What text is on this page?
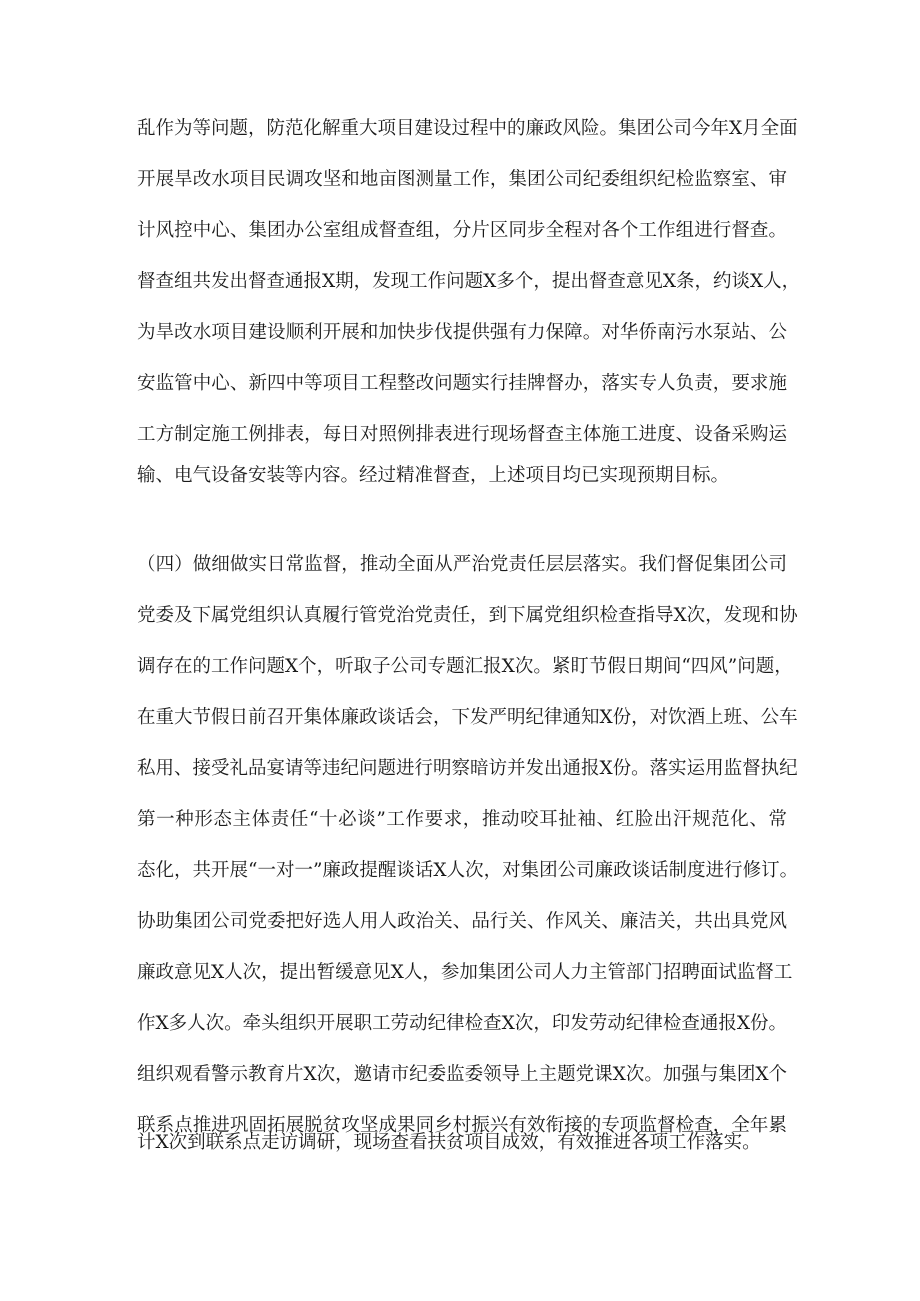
乱作为等问题，防范化解重大项目建设过程中的廉政风险。集团公司今年X月全面
开展旱改水项目民调攻坚和地亩图测量工作，集团公司纪委组织纪检监察室、审
计风控中心、集团办公室组成督查组，分片区同步全程对各个工作组进行督查。
督查组共发出督查通报X期，发现工作问题X多个，提出督查意见X条，约谈X人，
为旱改水项目建设顺利开展和加快步伐提供强有力保障。对华侨南污水泵站、公
安监管中心、新四中等项目工程整改问题实行挂牌督办，落实专人负责，要求施
工方制定施工例排表，每日对照例排表进行现场督查主体施工进度、设备采购运
输、电气设备安装等内容。经过精准督查，上述项目均已实现预期目标。
（四）做细做实日常监督，推动全面从严治党责任层层落实。我们督促集团公司
党委及下属党组织认真履行管党治党责任，到下属党组织检查指导X次，发现和协
调存在的工作问题X个，听取子公司专题汇报X次。紧盯节假日期间“四风”问题，
在重大节假日前召开集体廉政谈话会，下发严明纪律通知X份，对饮酒上班、公车
私用、接受礼品宴请等违纪问题进行明察暗访并发出通报X份。落实运用监督执纪
第一种形态主体责任“十必谈”工作要求，推动咬耳扯袖、红脸出汗规范化、常
态化，共开展“一对一”廉政提醒谈话X人次，对集团公司廉政谈话制度进行修订。
协助集团公司党委把好选人用人政治关、品行关、作风关、廉洁关，共出具党风
廉政意见X人次，提出暂缓意见X人，参加集团公司人力主管部门招聘面试监督工
作X多人次。牵头组织开展职工劳动纪律检查X次，印发劳动纪律检查通报X份。
组织观看警示教育片X次，邀请市纪委监委领导上主题党课X次。加强与集团X个
联系点推进巩固拓展脱贫攻坚成果同乡村振兴有效衔接的专项监督检查，全年累
计X次到联系点走访调研，现场查看扶贫项目成效，有效推进各项工作落实。
